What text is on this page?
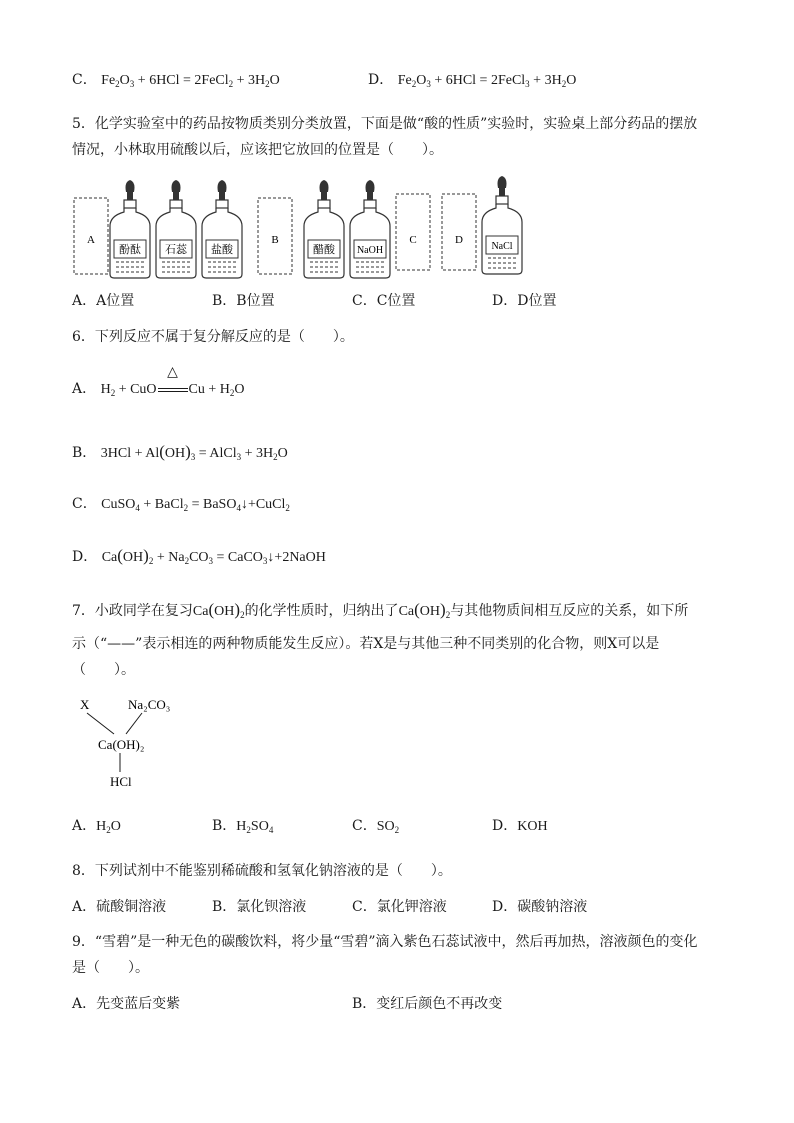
C． $Fe_2O_3 + 6HCl$ = 2FeCl$_2$ + $3H_2O$	D． $Fe_2O_3 + 6HCl$ = 2FeCl$_3$ + $3H_2O$
5．化学实验室中的药品按物质类别分类放置，下面是做“酸的性质”实验时，实验桌上部分药品的摆放
情况，小林取用硫酸以后，应该把它放回的位置是（　　）。
A	B	C	D
酚酞 石蕊 盐酸	醋酸 NaOH	NaCl
A．A位置	B．B位置	C．C位置	D．D位置
6．下列反应不属于复分解反应的是（　　）。
A． $H_2$ + CuO
△
$Cu + H_2O$
B． $3HCl + Al(OH)_3$ = AlCl$_3$ + $3H_2O$
C． CuSO$_4$ + BaCl$_2$ = BaSO$_4$↓+CuCl$_2$
D． $Ca(OH)_2 + Na_2CO_3$ = CaCO$_3$↓+2NaOH
7．小政同学在复习$Ca(OH)_2$的化学性质时，归纳出了$Ca(OH)_2$与其他物质间相互反应的关系，如下所
示（“——”表示相连的两种物质能发生反应）。若X是与其他三种不同类别的化合物，则X可以是
（　　）。
X	Na₂CO₃
Ca(OH)₂
HCl
A．$H_2O$	B．$H_2SO_4$	C．$SO_2$	D．KOH
8．下列试剂中不能鉴别稀硫酸和氢氧化钠溶液的是（　　）。
A．硫酸铜溶液	B．氯化钡溶液	C．氯化钾溶液	D．碳酸钠溶液
9．“雪碧”是一种无色的碳酸饮料，将少量“雪碧”滴入紫色石蕊试液中，然后再加热，溶液颜色的变化
是（　　）。
A．先变蓝后变紫	B．变红后颜色不再改变
